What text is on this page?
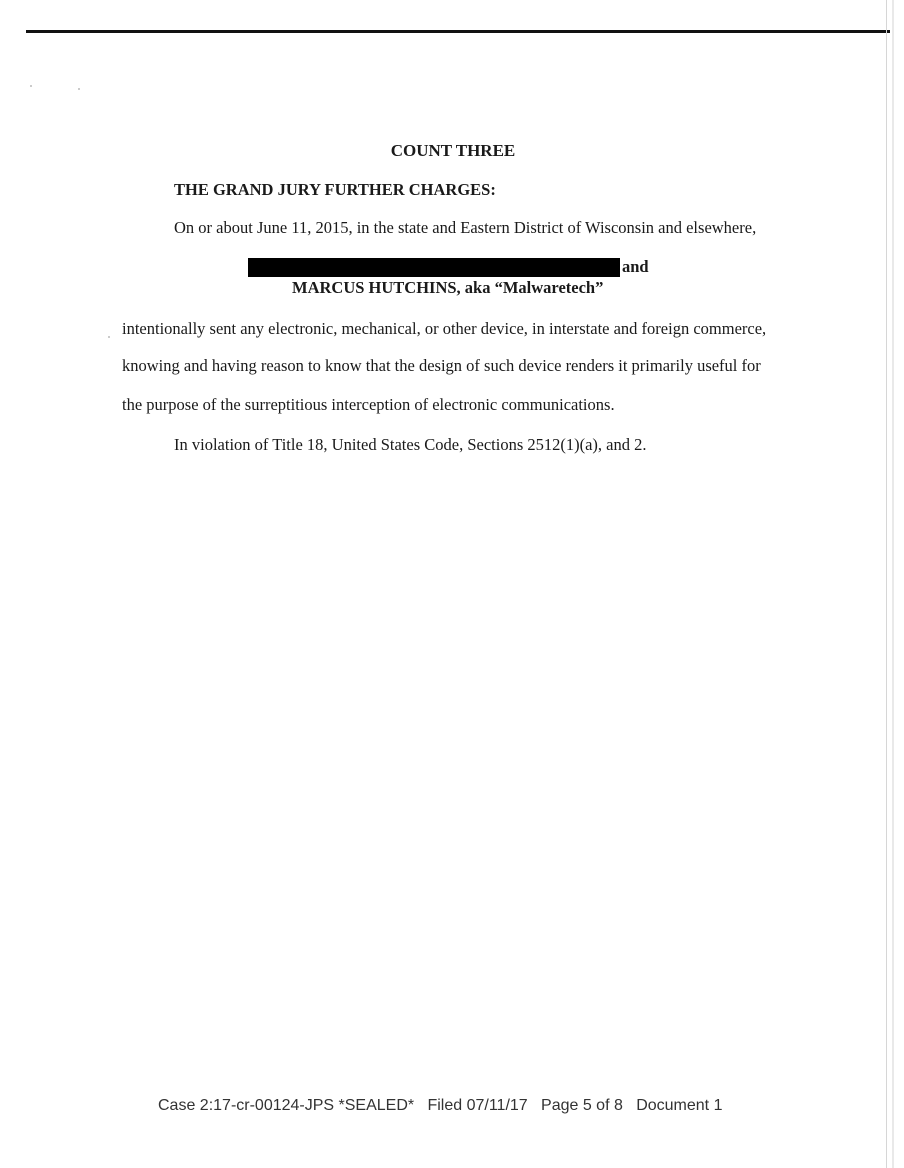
COUNT THREE
THE GRAND JURY FURTHER CHARGES:
On or about June 11, 2015, in the state and Eastern District of Wisconsin and elsewhere,
and
MARCUS HUTCHINS, aka “Malwaretech”
intentionally sent any electronic, mechanical, or other device, in interstate and foreign commerce,
knowing and having reason to know that the design of such device renders it primarily useful for
the purpose of the surreptitious interception of electronic communications.
In violation of Title 18, United States Code, Sections 2512(1)(a), and 2.
Case 2:17-cr-00124-JPS *SEALED*   Filed 07/11/17   Page 5 of 8   Document 1
